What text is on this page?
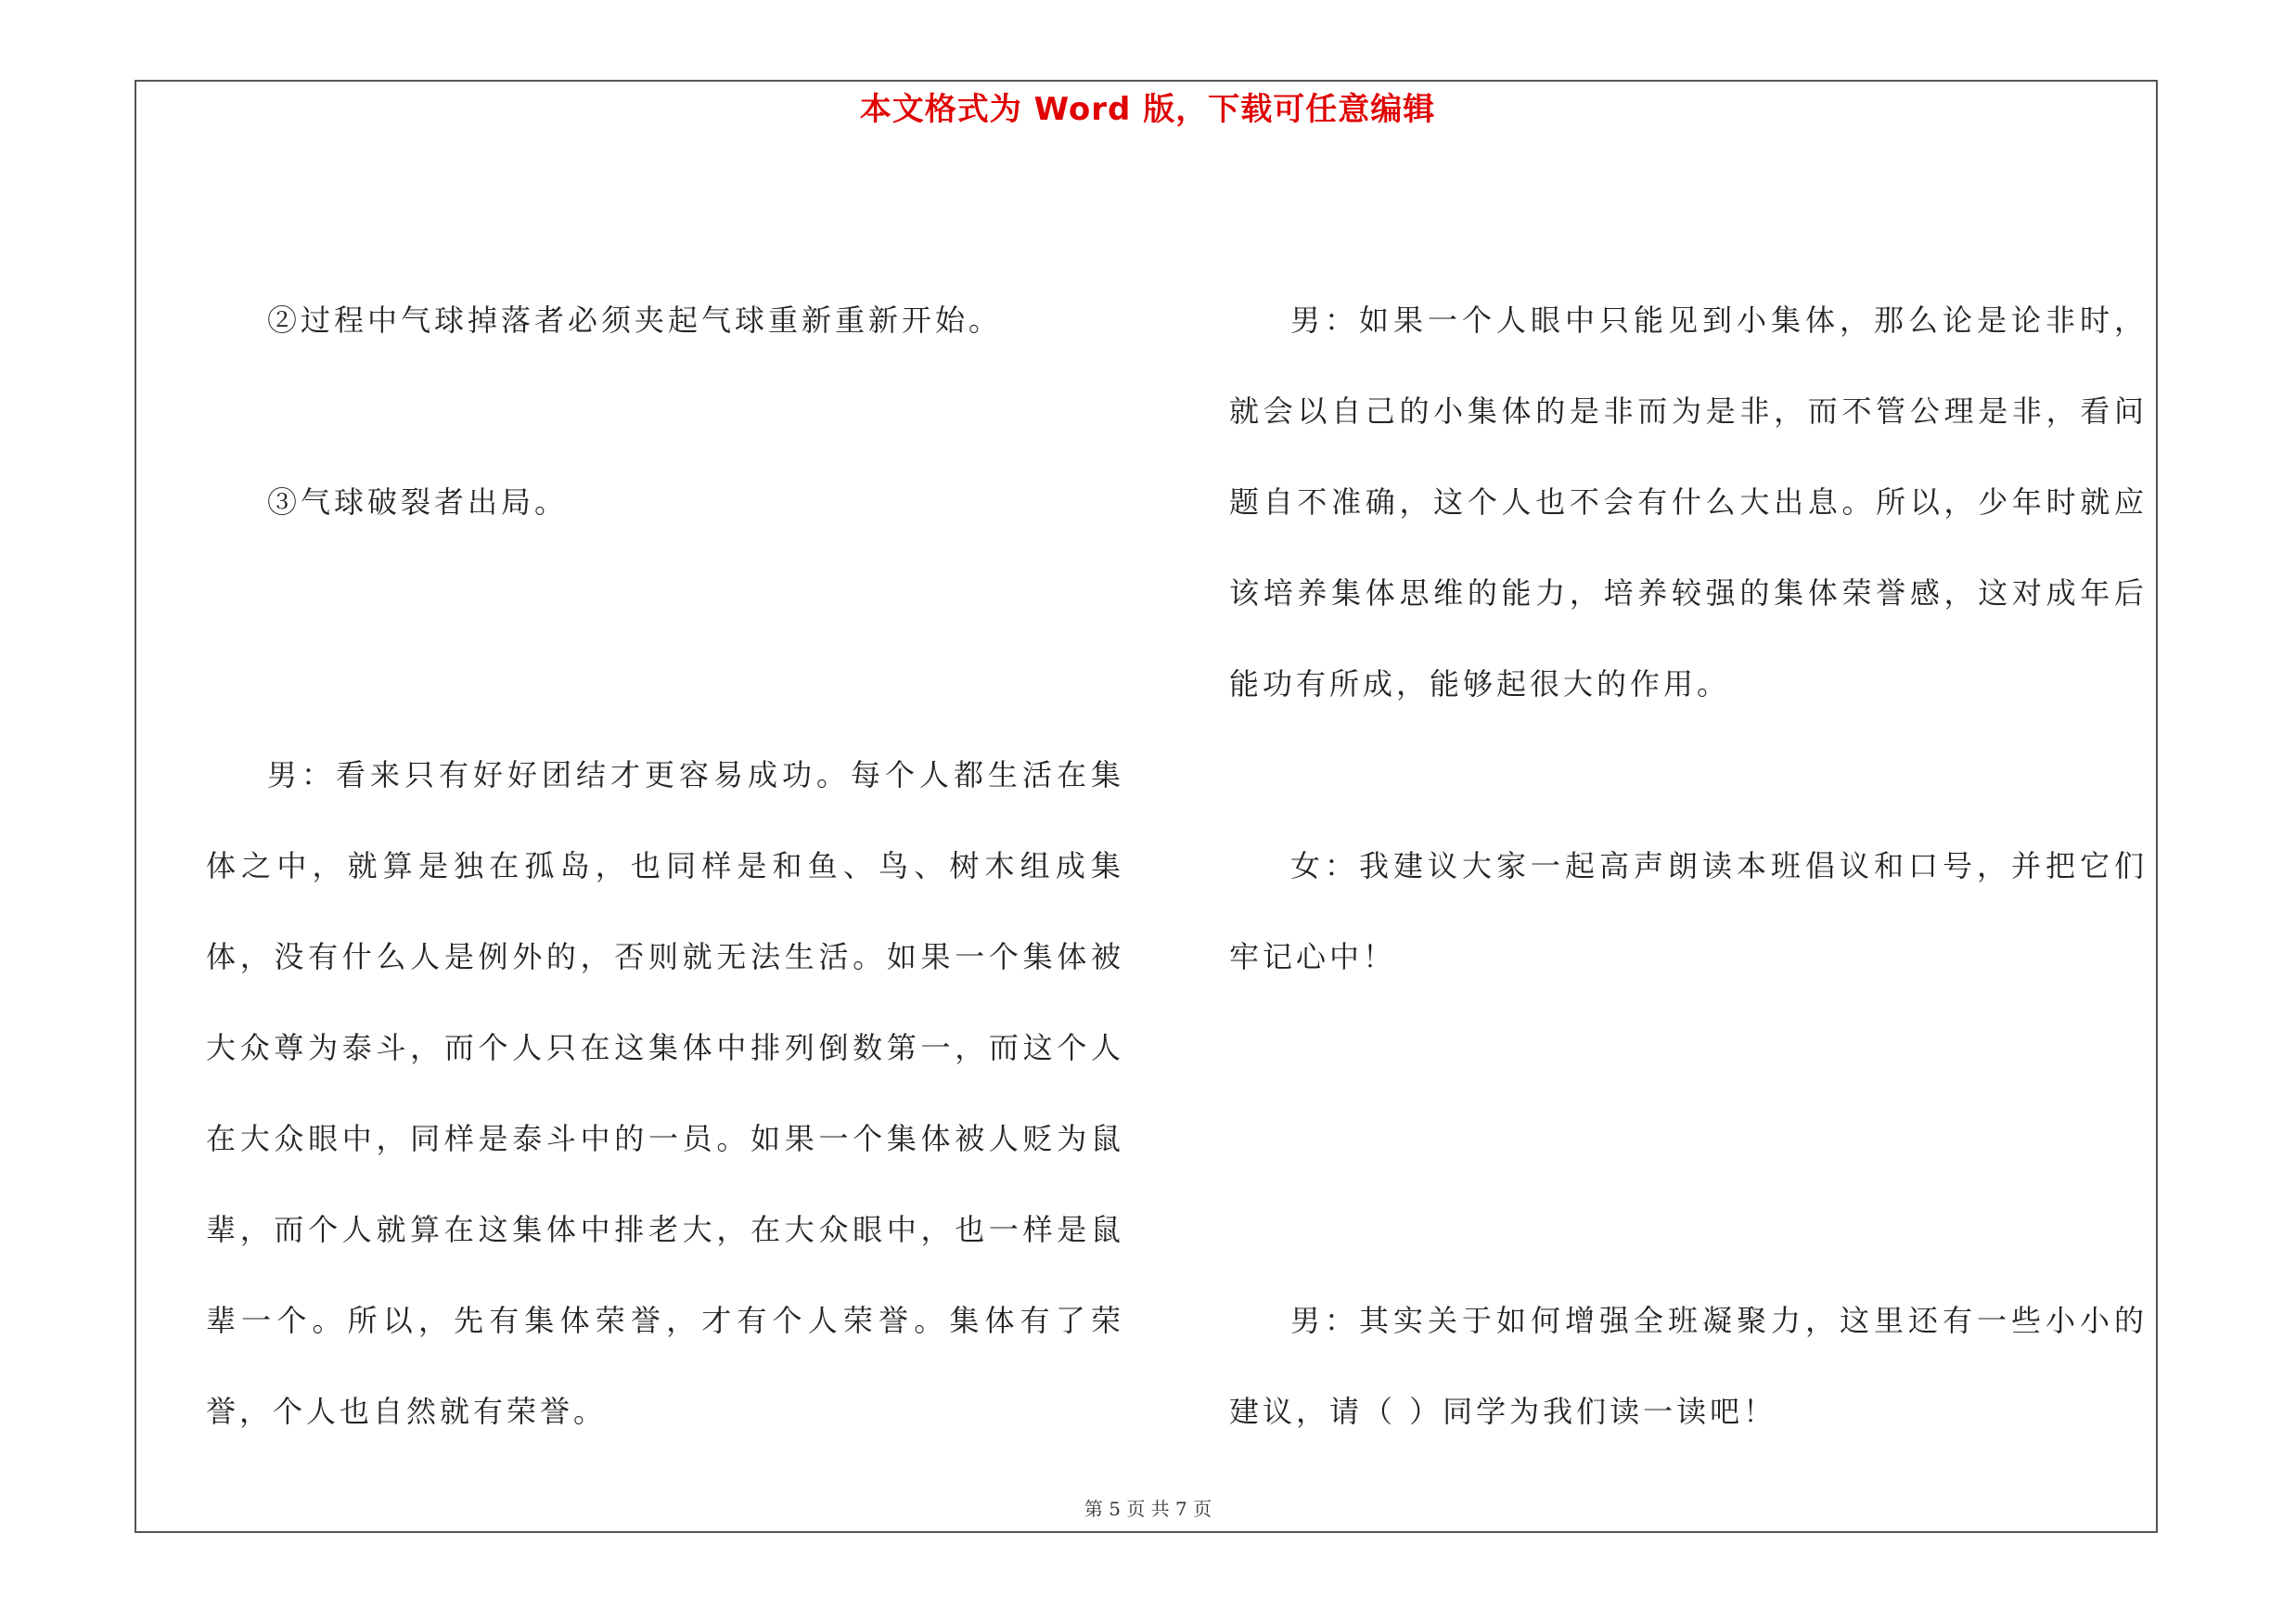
本文格式为 Word 版，下载可任意编辑

②过程中气球掉落者必须夹起气球重新重新开始。

③气球破裂者出局。

男：看来只有好好团结才更容易成功。每个人都生活在集体之中，就算是独在孤岛，也同样是和鱼、鸟、树木组成集体，没有什么人是例外的，否则就无法生活。如果一个集体被大众尊为泰斗，而个人只在这集体中排列倒数第一，而这个人在大众眼中，同样是泰斗中的一员。如果一个集体被人贬为鼠辈，而个人就算在这集体中排老大，在大众眼中，也一样是鼠辈一个。所以，先有集体荣誉，才有个人荣誉。集体有了荣誉，个人也自然就有荣誉。

男：如果一个人眼中只能见到小集体，那么论是论非时，就会以自己的小集体的是非而为是非，而不管公理是非，看问题自不准确，这个人也不会有什么大出息。所以，少年时就应该培养集体思维的能力，培养较强的集体荣誉感，这对成年后能功有所成，能够起很大的作用。

女：我建议大家一起高声朗读本班倡议和口号，并把它们牢记心中！

男：其实关于如何增强全班凝聚力，这里还有一些小小的建议，请（ ）同学为我们读一读吧！

第 5 页 共 7 页
